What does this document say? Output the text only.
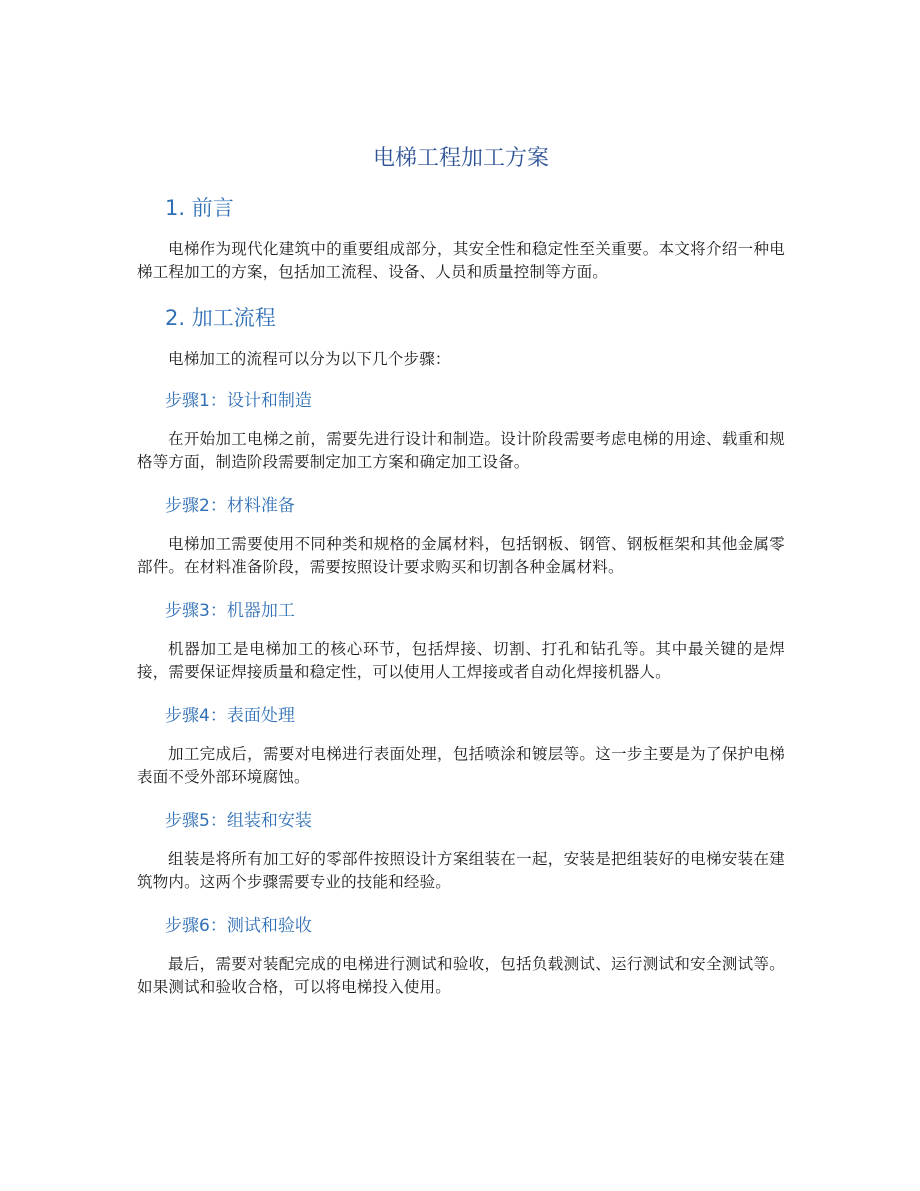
电梯工程加工方案
1. 前言

电梯作为现代化建筑中的重要组成部分，其安全性和稳定性至关重要。本文将介绍一种电梯工程加工的方案，包括加工流程、设备、人员和质量控制等方面。

2. 加工流程

电梯加工的流程可以分为以下几个步骤：

步骤1：设计和制造

在开始加工电梯之前，需要先进行设计和制造。设计阶段需要考虑电梯的用途、载重和规格等方面，制造阶段需要制定加工方案和确定加工设备。

步骤2：材料准备

电梯加工需要使用不同种类和规格的金属材料，包括钢板、钢管、钢板框架和其他金属零部件。在材料准备阶段，需要按照设计要求购买和切割各种金属材料。

步骤3：机器加工

机器加工是电梯加工的核心环节，包括焊接、切割、打孔和钻孔等。其中最关键的是焊接，需要保证焊接质量和稳定性，可以使用人工焊接或者自动化焊接机器人。

步骤4：表面处理

加工完成后，需要对电梯进行表面处理，包括喷涂和镀层等。这一步主要是为了保护电梯表面不受外部环境腐蚀。

步骤5：组装和安装

组装是将所有加工好的零部件按照设计方案组装在一起，安装是把组装好的电梯安装在建筑物内。这两个步骤需要专业的技能和经验。

步骤6：测试和验收

最后，需要对装配完成的电梯进行测试和验收，包括负载测试、运行测试和安全测试等。如果测试和验收合格，可以将电梯投入使用。
